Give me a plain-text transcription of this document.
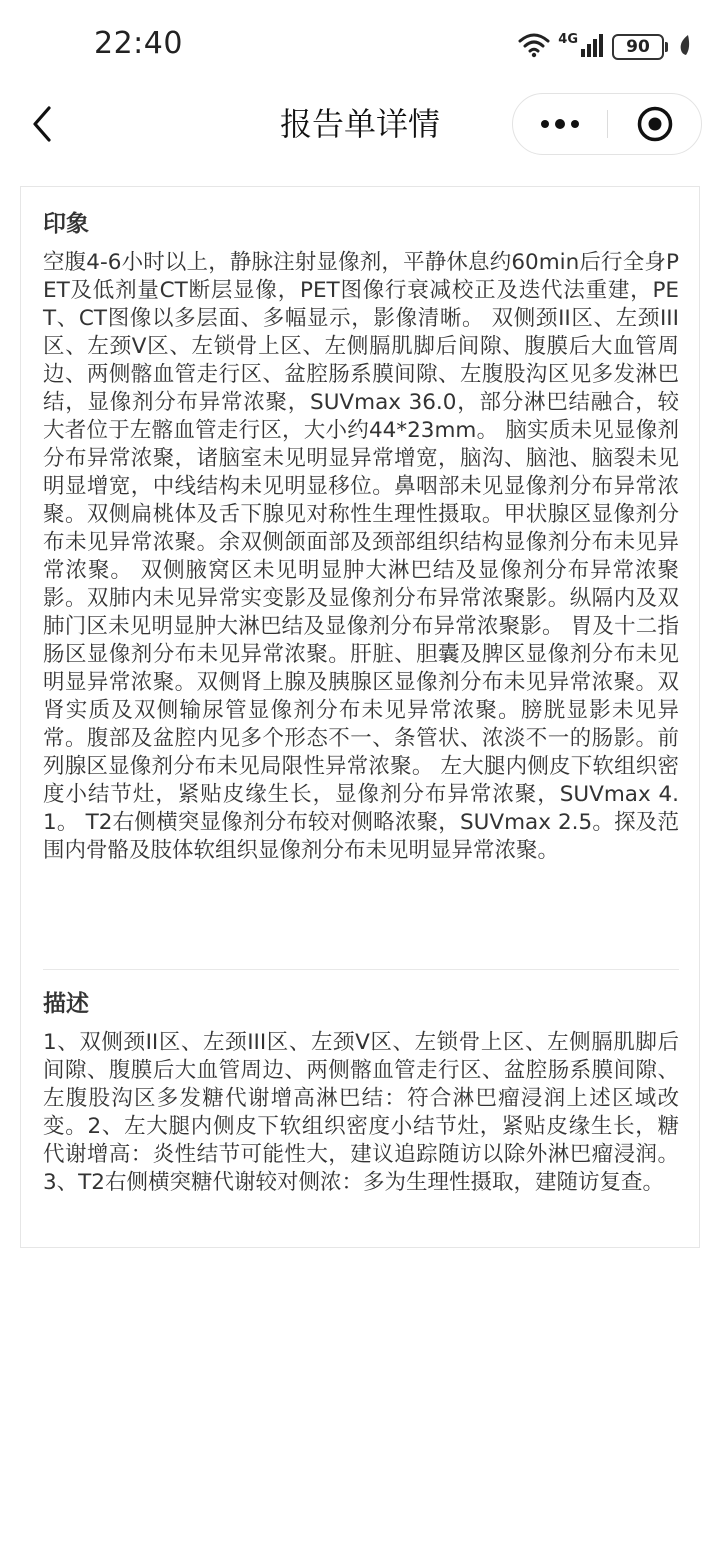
22:40	4G	90
报告单详情
印象

空腹4-6小时以上，静脉注射显像剂，平静休息约60min后行全身PET及低剂量CT断层显像，PET图像行衰减校正及迭代法重建，PET、CT图像以多层面、多幅显示，影像清晰。 双侧颈II区、左颈III区、左颈V区、左锁骨上区、左侧膈肌脚后间隙、腹膜后大血管周边、两侧髂血管走行区、盆腔肠系膜间隙、左腹股沟区见多发淋巴结，显像剂分布异常浓聚，SUVmax 36.0，部分淋巴结融合，较大者位于左髂血管走行区，大小约44*23mm。 脑实质未见显像剂分布异常浓聚，诸脑室未见明显异常增宽，脑沟、脑池、脑裂未见明显增宽，中线结构未见明显移位。鼻咽部未见显像剂分布异常浓聚。双侧扁桃体及舌下腺见对称性生理性摄取。甲状腺区显像剂分布未见异常浓聚。余双侧颌面部及颈部组织结构显像剂分布未见异常浓聚。 双侧腋窝区未见明显肿大淋巴结及显像剂分布异常浓聚影。双肺内未见异常实变影及显像剂分布异常浓聚影。纵隔内及双肺门区未见明显肿大淋巴结及显像剂分布异常浓聚影。 胃及十二指肠区显像剂分布未见异常浓聚。肝脏、胆囊及脾区显像剂分布未见明显异常浓聚。双侧肾上腺及胰腺区显像剂分布未见异常浓聚。双肾实质及双侧输尿管显像剂分布未见异常浓聚。膀胱显影未见异常。腹部及盆腔内见多个形态不一、条管状、浓淡不一的肠影。前列腺区显像剂分布未见局限性异常浓聚。 左大腿内侧皮下软组织密度小结节灶，紧贴皮缘生长，显像剂分布异常浓聚，SUVmax 4.1。 T2右侧横突显像剂分布较对侧略浓聚，SUVmax 2.5。探及范围内骨骼及肢体软组织显像剂分布未见明显异常浓聚。

描述

1、双侧颈II区、左颈III区、左颈V区、左锁骨上区、左侧膈肌脚后间隙、腹膜后大血管周边、两侧髂血管走行区、盆腔肠系膜间隙、左腹股沟区多发糖代谢增高淋巴结：符合淋巴瘤浸润上述区域改变。2、左大腿内侧皮下软组织密度小结节灶，紧贴皮缘生长，糖代谢增高：炎性结节可能性大，建议追踪随访以除外淋巴瘤浸润。3、T2右侧横突糖代谢较对侧浓：多为生理性摄取，建随访复查。
